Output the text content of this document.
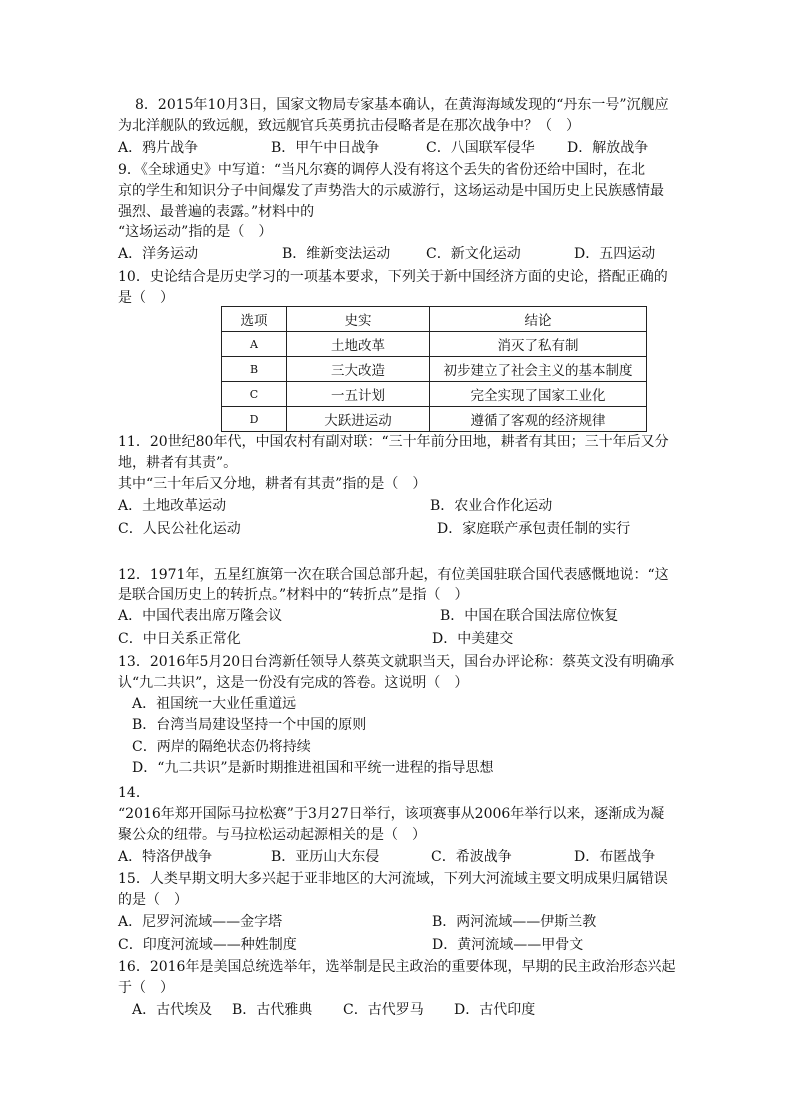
8．2015年10月3日，国家文物局专家基本确认，在黄海海域发现的“丹东一号”沉舰应
为北洋舰队的致远舰，致远舰官兵英勇抗击侵略者是在那次战争中？（　）
A．鸦片战争	B．甲午中日战争	C．八国联军侵华 D．解放战争
9．《全球通史》中写道：“当凡尔赛的调停人没有将这个丢失的省份还给中国时，在北
京的学生和知识分子中间爆发了声势浩大的示威游行，这场运动是中国历史上民族感情最
强烈、最普遍的表露。”材料中的
“这场运动”指的是（　）
A．洋务运动	B．维新变法运动	C．新文化运动	D．五四运动
10．史论结合是历史学习的一项基本要求，下列关于新中国经济方面的史论，搭配正确的
是（　）
选项	史实	结论
A	土地改革	消灭了私有制
B	三大改造	初步建立了社会主义的基本制度
C	一五计划	完全实现了国家工业化
D	大跃进运动	遵循了客观的经济规律
11．20世纪80年代，中国农村有副对联：“三十年前分田地，耕者有其田；三十年后又分
地，耕者有其责”。
其中“三十年后又分地，耕者有其责”指的是（　）
A．土地改革运动	B．农业合作化运动
C．人民公社化运动	D．家庭联产承包责任制的实行
12．1971年，五星红旗第一次在联合国总部升起，有位美国驻联合国代表感慨地说：“这
是联合国历史上的转折点。”材料中的“转折点”是指（　）
A．中国代表出席万隆会议	B．中国在联合国法席位恢复
C．中日关系正常化	D．中美建交
13．2016年5月20日台湾新任领导人蔡英文就职当天，国台办评论称：蔡英文没有明确承
认“九二共识”，这是一份没有完成的答卷。这说明（　）
A．祖国统一大业任重道远
B．台湾当局建设坚持一个中国的原则
C．两岸的隔绝状态仍将持续
D．“九二共识”是新时期推进祖国和平统一进程的指导思想
14．
“2016年郑开国际马拉松赛”于3月27日举行，该项赛事从2006年举行以来，逐渐成为凝
聚公众的纽带。与马拉松运动起源相关的是（　）
A．特洛伊战争	B．亚历山大东侵	C．希波战争	D．布匿战争
15．人类早期文明大多兴起于亚非地区的大河流域，下列大河流域主要文明成果归属错误
的是（　）
A．尼罗河流域——金字塔	B．两河流域——伊斯兰教
C．印度河流域——种姓制度	D．黄河流域——甲骨文
16．2016年是美国总统选举年，选举制是民主政治的重要体现，早期的民主政治形态兴起
于（　）
A．古代埃及 B．古代雅典 C．古代罗马 D．古代印度
